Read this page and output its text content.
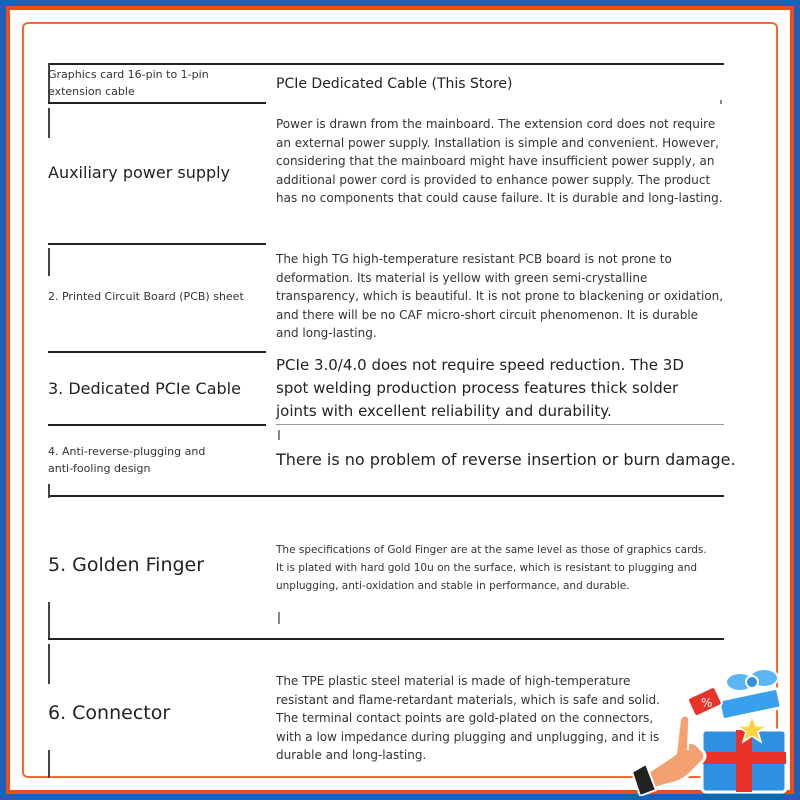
Graphics card 16-pin to 1-pin extension cable	PCIe Dedicated Cable (This Store)
Auxiliary power supply
Power is drawn from the mainboard. The extension cord does not require an external power supply. Installation is simple and convenient. However, considering that the mainboard might have insufficient power supply, an additional power cord is provided to enhance power supply. The product has no components that could cause failure. It is durable and long-lasting.
2. Printed Circuit Board (PCB) sheet
The high TG high-temperature resistant PCB board is not prone to deformation. Its material is yellow with green semi-crystalline transparency, which is beautiful. It is not prone to blackening or oxidation, and there will be no CAF micro-short circuit phenomenon. It is durable and long-lasting.
3. Dedicated PCIe Cable
PCIe 3.0/4.0 does not require speed reduction. The 3D spot welding production process features thick solder joints with excellent reliability and durability.
4. Anti-reverse-plugging and anti-fooling design	There is no problem of reverse insertion or burn damage.
5. Golden Finger
The specifications of Gold Finger are at the same level as those of graphics cards. It is plated with hard gold 10u on the surface, which is resistant to plugging and unplugging, anti-oxidation and stable in performance, and durable.
6. Connector
The TPE plastic steel material is made of high-temperature resistant and flame-retardant materials, which is safe and solid. The terminal contact points are gold-plated on the connectors, with a low impedance during plugging and unplugging, and it is durable and long-lasting.
%
